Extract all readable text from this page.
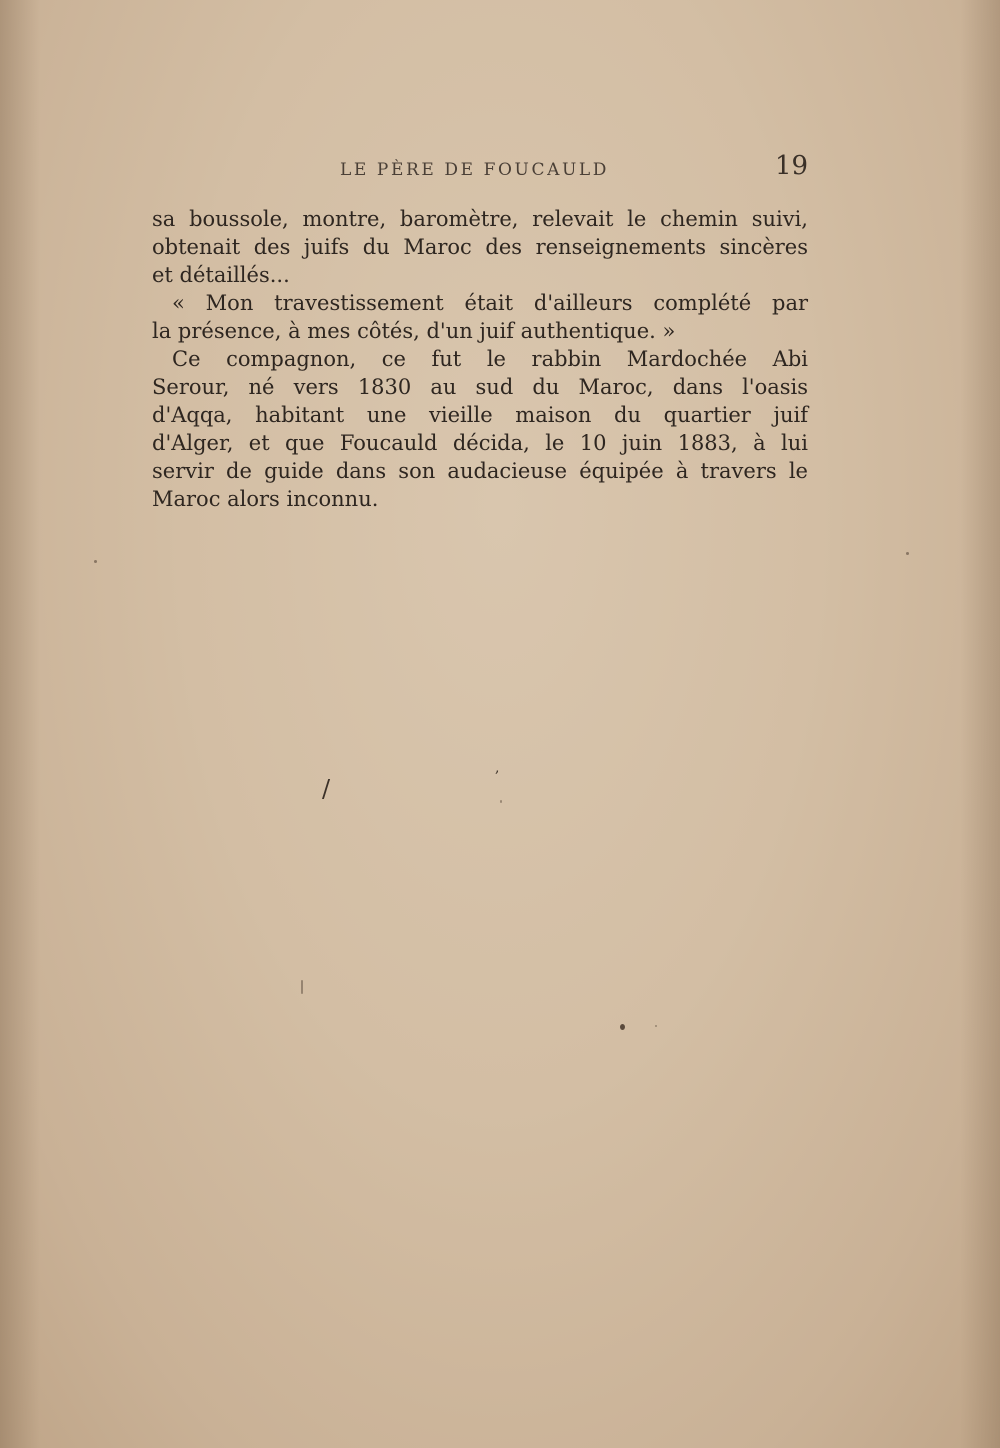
LE PÈRE DE FOUCAULD	19
sa boussole, montre, baromètre, relevait le chemin suivi,
obtenait des juifs du Maroc des renseignements sincères
et détaillés...
« Mon travestissement était d'ailleurs complété par
la présence, à mes côtés, d'un juif authentique. »
Ce compagnon, ce fut le rabbin Mardochée Abi
Serour, né vers 1830 au sud du Maroc, dans l'oasis
d'Aqqa, habitant une vieille maison du quartier juif
d'Alger, et que Foucauld décida, le 10 juin 1883, à lui
servir de guide dans son audacieuse équipée à travers le
Maroc alors inconnu.
/
,
